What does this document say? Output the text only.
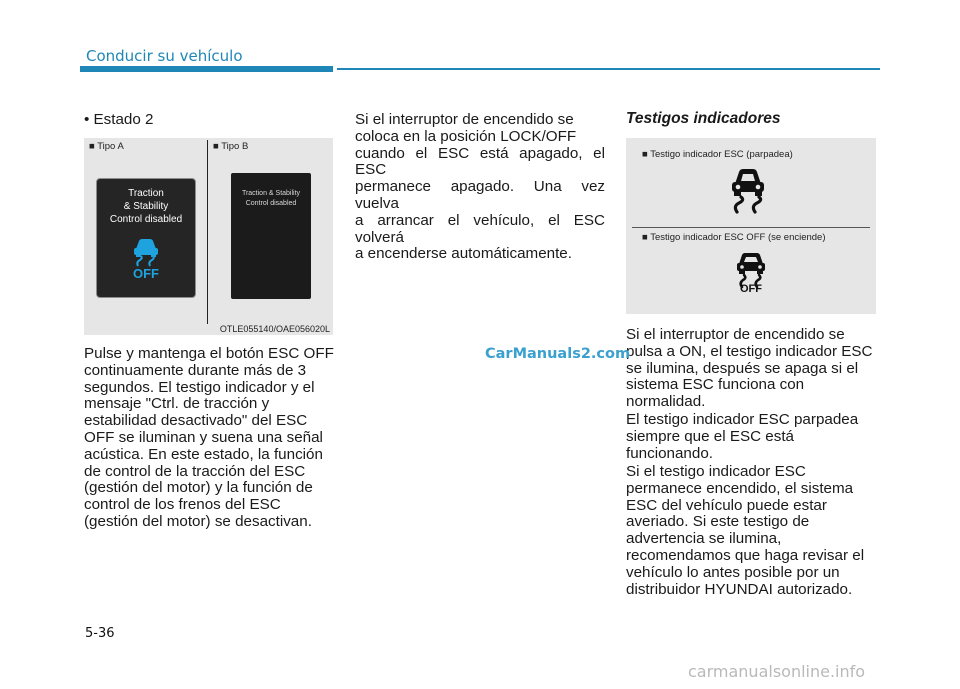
Conducir su vehículo
• Estado 2
■ Tipo A	■ Tipo B
Traction
& Stability
Control disabled
OFF
Traction & Stability
Control disabled
OTLE055140/OAE056020L
Pulse y mantenga el botón ESC OFF
continuamente durante más de 3
segundos. El testigo indicador y el
mensaje "Ctrl. de tracción y
estabilidad desactivado" del ESC
OFF se iluminan y suena una señal
acústica. En este estado, la función
de control de la tracción del ESC
(gestión del motor) y la función de
control de los frenos del ESC
(gestión del motor) se desactivan.
Si el interruptor de encendido se
coloca en la posición LOCK/OFF
cuando el ESC está apagado, el ESC
permanece apagado. Una vez vuelva
a arrancar el vehículo, el ESC volverá
a encenderse automáticamente.
Testigos indicadores
■ Testigo indicador ESC (parpadea)
■ Testigo indicador ESC OFF (se enciende)
OFF
Si el interruptor de encendido se
pulsa a ON, el testigo indicador ESC
se ilumina, después se apaga si el
sistema ESC funciona con
normalidad.
El testigo indicador ESC parpadea
siempre que el ESC está
funcionando.
Si el testigo indicador ESC
permanece encendido, el sistema
ESC del vehículo puede estar
averiado. Si este testigo de
advertencia se ilumina,
recomendamos que haga revisar el
vehículo lo antes posible por un
distribuidor HYUNDAI autorizado.
CarManuals2.com
5-36
carmanualsonline.info
